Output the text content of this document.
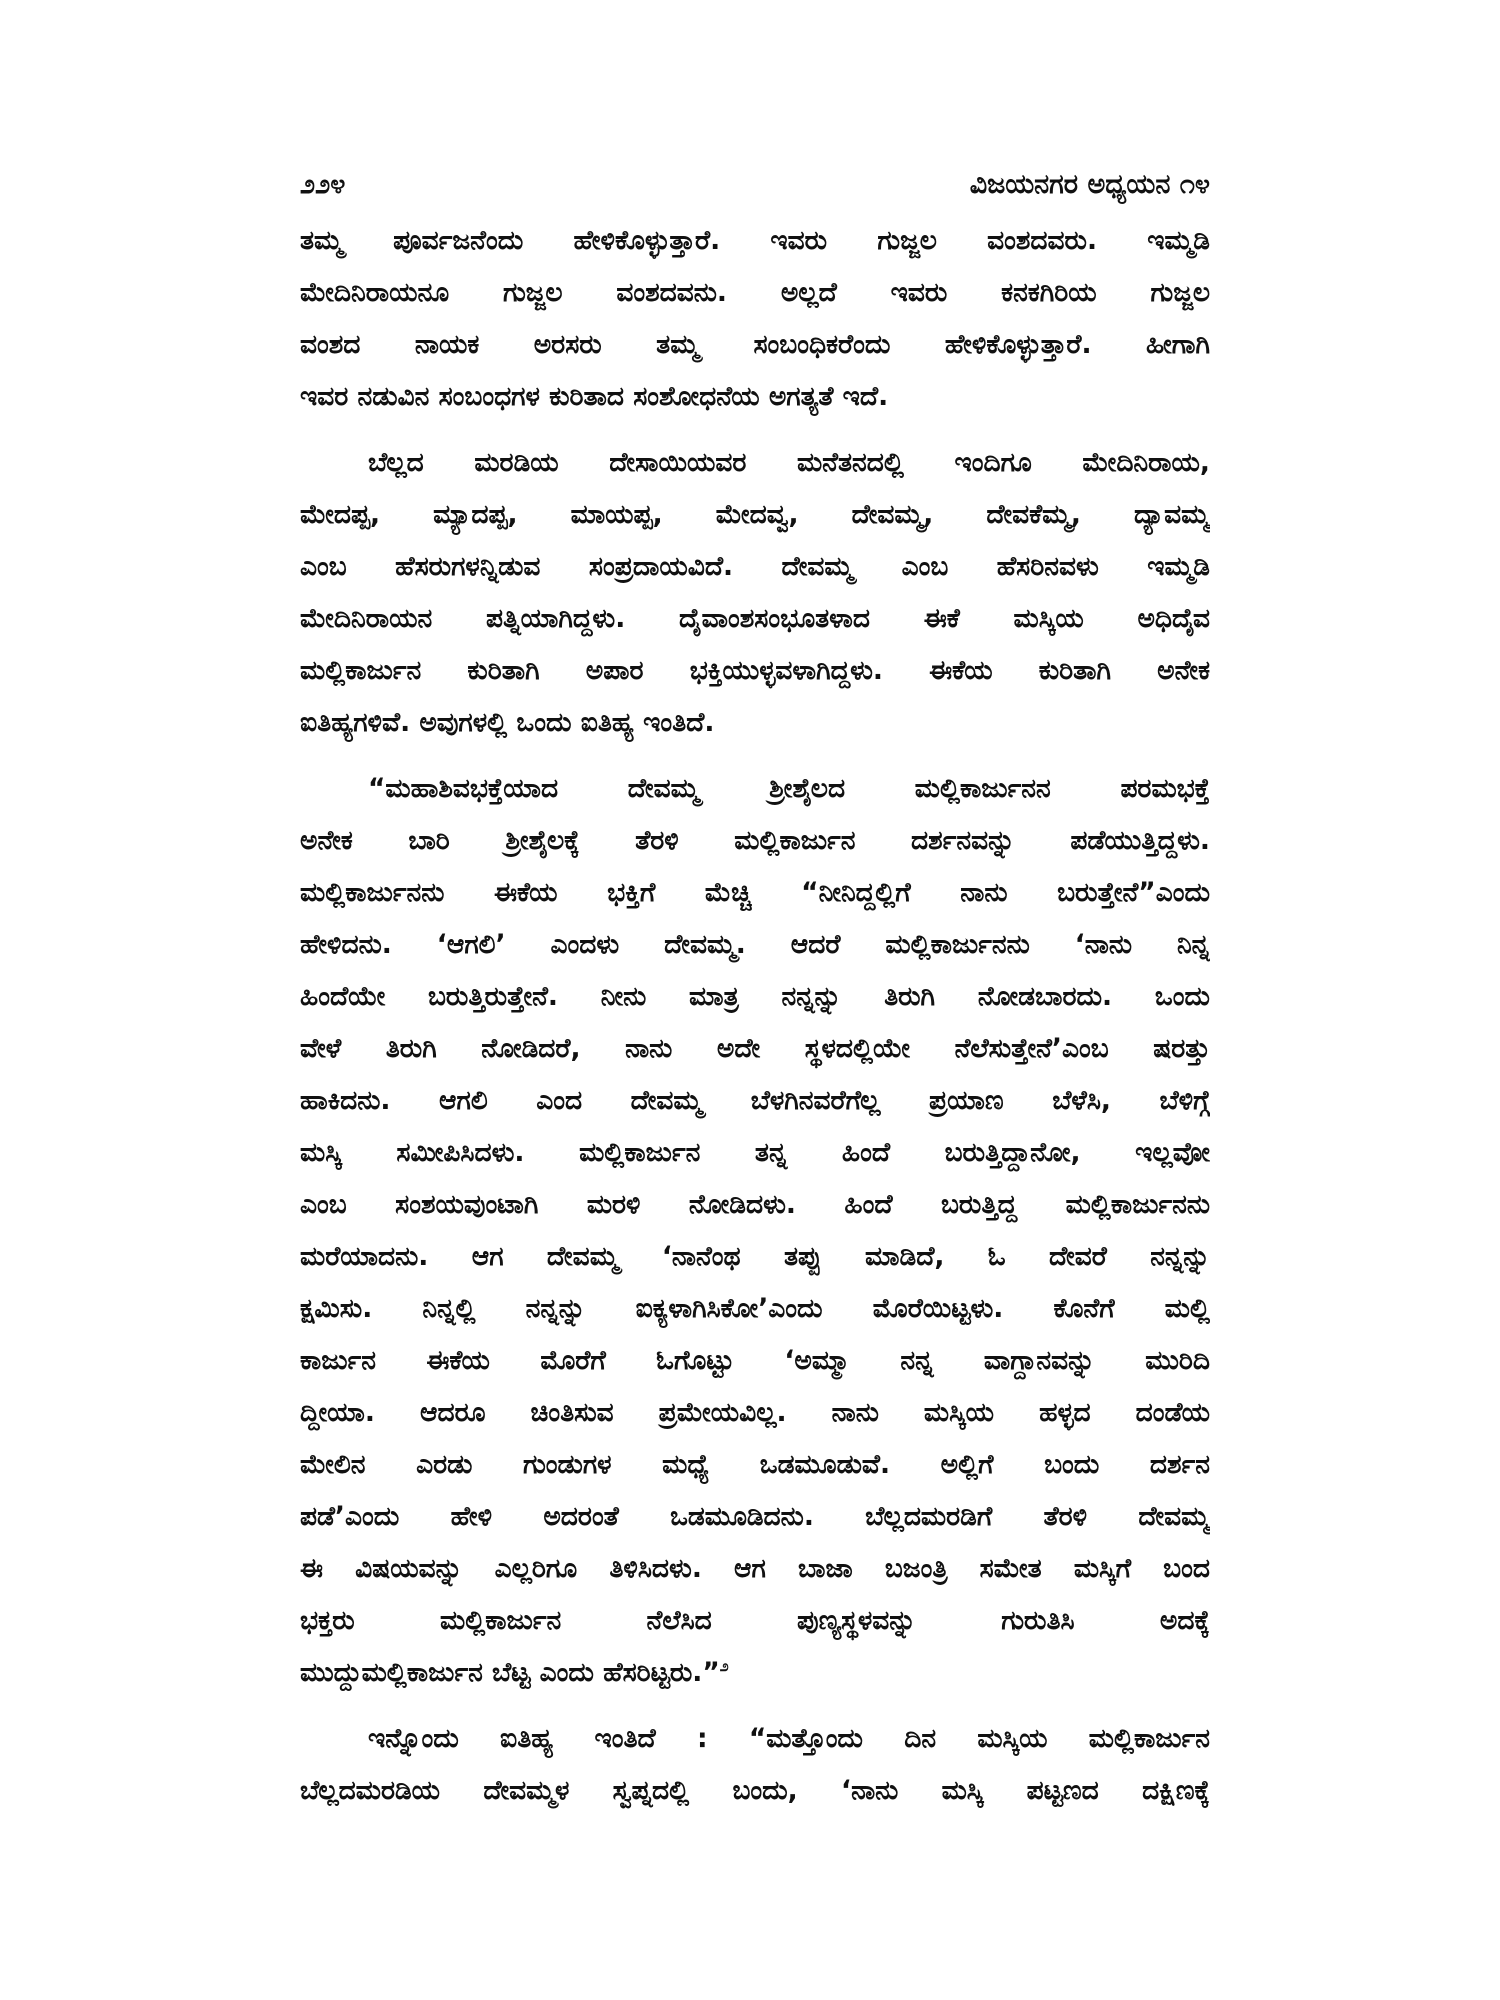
೨೨೪	ವಿಜಯನಗರ ಅಧ್ಯಯನ ೧೪
ತಮ್ಮ ಪೂರ್ವಜನೆಂದು ಹೇಳಿಕೊಳ್ಳುತ್ತಾರೆ. ಇವರು ಗುಜ್ಜಲ ವಂಶದವರು. ಇಮ್ಮಡಿ
ಮೇದಿನಿರಾಯನೂ ಗುಜ್ಜಲ ವಂಶದವನು. ಅಲ್ಲದೆ ಇವರು ಕನಕಗಿರಿಯ ಗುಜ್ಜಲ
ವಂಶದ ನಾಯಕ ಅರಸರು ತಮ್ಮ ಸಂಬಂಧಿಕರೆಂದು ಹೇಳಿಕೊಳ್ಳುತ್ತಾರೆ. ಹೀಗಾಗಿ
ಇವರ ನಡುವಿನ ಸಂಬಂಧಗಳ ಕುರಿತಾದ ಸಂಶೋಧನೆಯ ಅಗತ್ಯತೆ ಇದೆ.
ಬೆಲ್ಲದ ಮರಡಿಯ ದೇಸಾಯಿಯವರ ಮನೆತನದಲ್ಲಿ ಇಂದಿಗೂ ಮೇದಿನಿರಾಯ,
ಮೇದಪ್ಪ, ಮ್ಯಾದಪ್ಪ, ಮಾಯಪ್ಪ, ಮೇದವ್ವ, ದೇವಮ್ಮ, ದೇವಕೆಮ್ಮ, ದ್ಯಾವಮ್ಮ
ಎಂಬ ಹೆಸರುಗಳನ್ನಿಡುವ ಸಂಪ್ರದಾಯವಿದೆ. ದೇವಮ್ಮ ಎಂಬ ಹೆಸರಿನವಳು ಇಮ್ಮಡಿ
ಮೇದಿನಿರಾಯನ ಪತ್ನಿಯಾಗಿದ್ದಳು. ದೈವಾಂಶಸಂಭೂತಳಾದ ಈಕೆ ಮಸ್ಕಿಯ ಅಧಿದೈವ
ಮಲ್ಲಿಕಾರ್ಜುನ ಕುರಿತಾಗಿ ಅಪಾರ ಭಕ್ತಿಯುಳ್ಳವಳಾಗಿದ್ದಳು. ಈಕೆಯ ಕುರಿತಾಗಿ ಅನೇಕ
ಐತಿಹ್ಯಗಳಿವೆ. ಅವುಗಳಲ್ಲಿ ಒಂದು ಐತಿಹ್ಯ ಇಂತಿದೆ.
“ಮಹಾಶಿವಭಕ್ತೆಯಾದ ದೇವಮ್ಮ ಶ್ರೀಶೈಲದ ಮಲ್ಲಿಕಾರ್ಜುನನ ಪರಮಭಕ್ತೆ
ಅನೇಕ ಬಾರಿ ಶ್ರೀಶೈಲಕ್ಕೆ ತೆರಳಿ ಮಲ್ಲಿಕಾರ್ಜುನ ದರ್ಶನವನ್ನು ಪಡೆಯುತ್ತಿದ್ದಳು.
ಮಲ್ಲಿಕಾರ್ಜುನನು ಈಕೆಯ ಭಕ್ತಿಗೆ ಮೆಚ್ಚಿ “ನೀನಿದ್ದಲ್ಲಿಗೆ ನಾನು ಬರುತ್ತೇನೆ”ಎಂದು
ಹೇಳಿದನು. ‘ಆಗಲಿ’ ಎಂದಳು ದೇವಮ್ಮ. ಆದರೆ ಮಲ್ಲಿಕಾರ್ಜುನನು ‘ನಾನು ನಿನ್ನ
ಹಿಂದೆಯೇ ಬರುತ್ತಿರುತ್ತೇನೆ. ನೀನು ಮಾತ್ರ ನನ್ನನ್ನು ತಿರುಗಿ ನೋಡಬಾರದು. ಒಂದು
ವೇಳೆ ತಿರುಗಿ ನೋಡಿದರೆ, ನಾನು ಅದೇ ಸ್ಥಳದಲ್ಲಿಯೇ ನೆಲೆಸುತ್ತೇನೆ’ಎಂಬ ಷರತ್ತು
ಹಾಕಿದನು. ಆಗಲಿ ಎಂದ ದೇವಮ್ಮ ಬೆಳಗಿನವರೆಗೆಲ್ಲ ಪ್ರಯಾಣ ಬೆಳೆಸಿ, ಬೆಳಿಗ್ಗೆ
ಮಸ್ಕಿ ಸಮೀಪಿಸಿದಳು. ಮಲ್ಲಿಕಾರ್ಜುನ ತನ್ನ ಹಿಂದೆ ಬರುತ್ತಿದ್ದಾನೋ, ಇಲ್ಲವೋ
ಎಂಬ ಸಂಶಯವುಂಟಾಗಿ ಮರಳಿ ನೋಡಿದಳು. ಹಿಂದೆ ಬರುತ್ತಿದ್ದ ಮಲ್ಲಿಕಾರ್ಜುನನು
ಮರೆಯಾದನು. ಆಗ ದೇವಮ್ಮ ‘ನಾನೆಂಥ ತಪ್ಪು ಮಾಡಿದೆ, ಓ ದೇವರೆ ನನ್ನನ್ನು
ಕ್ಷಮಿಸು. ನಿನ್ನಲ್ಲಿ ನನ್ನನ್ನು ಐಕ್ಯಳಾಗಿಸಿಕೋ’ಎಂದು ಮೊರೆಯಿಟ್ಟಳು. ಕೊನೆಗೆ ಮಲ್ಲಿ
ಕಾರ್ಜುನ ಈಕೆಯ ಮೊರೆಗೆ ಓಗೊಟ್ಟು ‘ಅಮ್ಮಾ ನನ್ನ ವಾಗ್ದಾನವನ್ನು ಮುರಿದಿ
ದ್ದೀಯಾ. ಆದರೂ ಚಿಂತಿಸುವ ಪ್ರಮೇಯವಿಲ್ಲ. ನಾನು ಮಸ್ಕಿಯ ಹಳ್ಳದ ದಂಡೆಯ
ಮೇಲಿನ ಎರಡು ಗುಂಡುಗಳ ಮಧ್ಯೆ ಒಡಮೂಡುವೆ. ಅಲ್ಲಿಗೆ ಬಂದು ದರ್ಶನ
ಪಡೆ’ಎಂದು ಹೇಳಿ ಅದರಂತೆ ಒಡಮೂಡಿದನು. ಬೆಲ್ಲದಮರಡಿಗೆ ತೆರಳಿ ದೇವಮ್ಮ
ಈ ವಿಷಯವನ್ನು ಎಲ್ಲರಿಗೂ ತಿಳಿಸಿದಳು. ಆಗ ಬಾಜಾ ಬಜಂತ್ರಿ ಸಮೇತ ಮಸ್ಕಿಗೆ ಬಂದ
ಭಕ್ತರು ಮಲ್ಲಿಕಾರ್ಜುನ ನೆಲೆಸಿದ ಪುಣ್ಯಸ್ಥಳವನ್ನು ಗುರುತಿಸಿ ಅದಕ್ಕೆ
ಮುದ್ದುಮಲ್ಲಿಕಾರ್ಜುನ ಬೆಟ್ಟ ಎಂದು ಹೆಸರಿಟ್ಟರು.”$^೨$
ಇನ್ನೊಂದು ಐತಿಹ್ಯ ಇಂತಿದೆ : “ಮತ್ತೊಂದು ದಿನ ಮಸ್ಕಿಯ ಮಲ್ಲಿಕಾರ್ಜುನ
ಬೆಲ್ಲದಮರಡಿಯ ದೇವಮ್ಮಳ ಸ್ವಪ್ನದಲ್ಲಿ ಬಂದು, ‘ನಾನು ಮಸ್ಕಿ ಪಟ್ಟಣದ ದಕ್ಷಿಣಕ್ಕೆ
